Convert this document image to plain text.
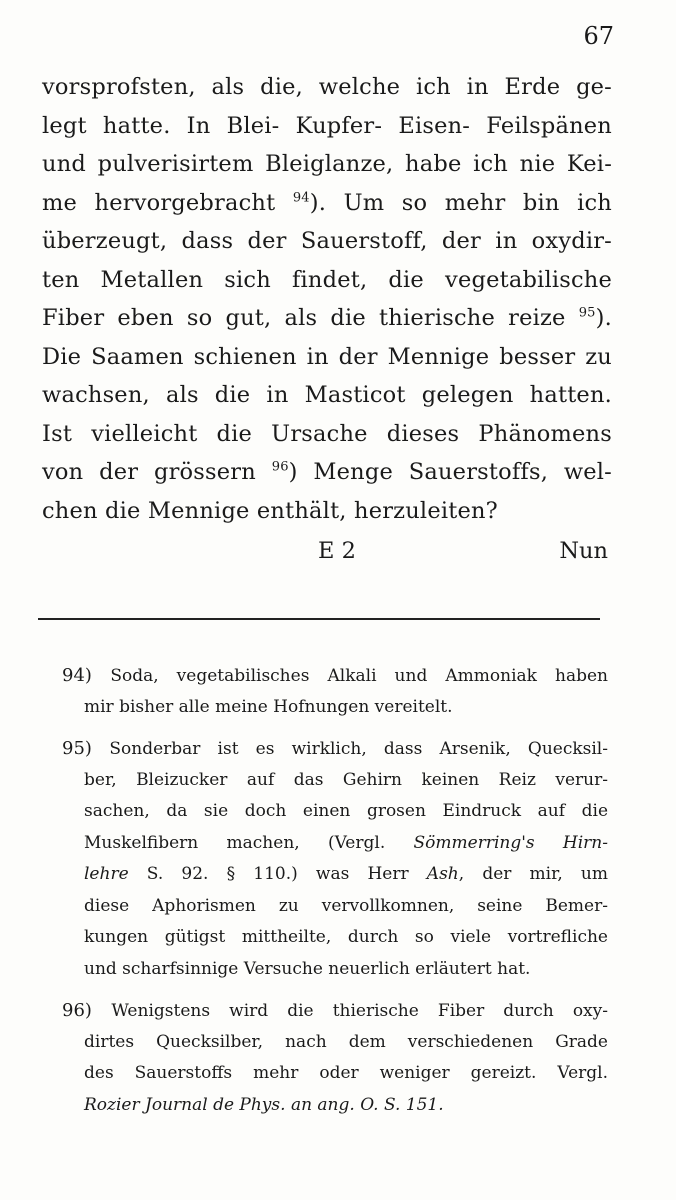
67
vorsprofsten, als die, welche ich in Erde ge-
legt hatte. In Blei- Kupfer- Eisen- Feilspänen
und pulverisirtem Bleiglanze, habe ich nie Kei-
me hervorgebracht $^{94}$). Um so mehr bin ich
überzeugt, dass der Sauerstoff, der in oxydir-
ten Metallen sich findet, die vegetabilische
Fiber eben so gut, als die thierische reize $^{95}$).
Die Saamen schienen in der Mennige besser zu
wachsen, als die in Masticot gelegen hatten.
Ist vielleicht die Ursache dieses Phänomens
von der grössern $^{96}$) Menge Sauerstoffs, wel-
chen die Mennige enthält, herzuleiten?
E 2	Nun
94) Soda, vegetabilisches Alkali und Ammoniak haben
mir bisher alle meine Hofnungen vereitelt.
95) Sonderbar ist es wirklich, dass Arsenik, Quecksil-
ber, Bleizucker auf das Gehirn keinen Reiz verur-
sachen, da sie doch einen grosen Eindruck auf die
Muskelfibern machen, (Vergl. Sömmerring's Hirn-
lehre S. 92. § 110.) was Herr Ash, der mir, um
diese Aphorismen zu vervollkomnen, seine Bemer-
kungen gütigst mittheilte, durch so viele vortrefliche
und scharfsinnige Versuche neuerlich erläutert hat.
96) Wenigstens wird die thierische Fiber durch oxy-
dirtes Quecksilber, nach dem verschiedenen Grade
des Sauerstoffs mehr oder weniger gereizt. Vergl.
Rozier Journal de Phys. an ang. O. S. 151.
